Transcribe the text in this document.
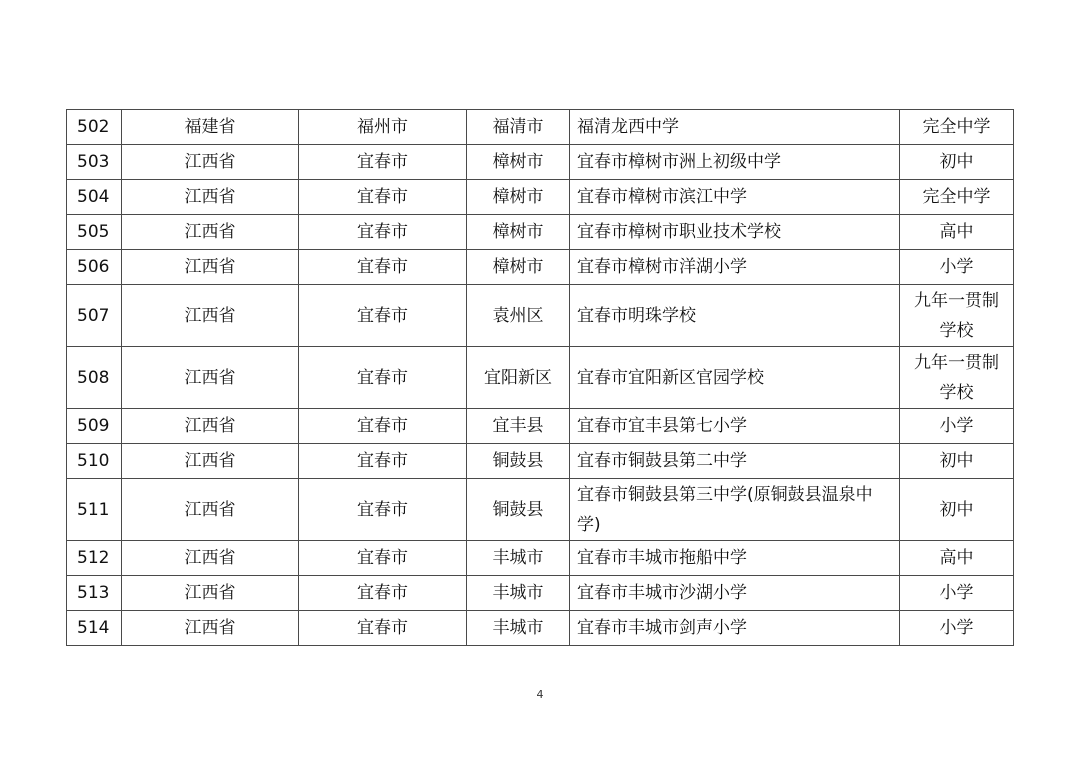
502	福建省	福州市	福清市	福清龙西中学	完全中学
503	江西省	宜春市	樟树市	宜春市樟树市洲上初级中学	初中
504	江西省	宜春市	樟树市	宜春市樟树市滨江中学	完全中学
505	江西省	宜春市	樟树市	宜春市樟树市职业技术学校	高中
506	江西省	宜春市	樟树市	宜春市樟树市洋湖小学	小学
507	江西省	宜春市	袁州区	宜春市明珠学校	九年一贯制学校
508	江西省	宜春市	宜阳新区	宜春市宜阳新区官园学校	九年一贯制学校
509	江西省	宜春市	宜丰县	宜春市宜丰县第七小学	小学
510	江西省	宜春市	铜鼓县	宜春市铜鼓县第二中学	初中
511	江西省	宜春市	铜鼓县	宜春市铜鼓县第三中学(原铜鼓县温泉中学)	初中
512	江西省	宜春市	丰城市	宜春市丰城市拖船中学	高中
513	江西省	宜春市	丰城市	宜春市丰城市沙湖小学	小学
514	江西省	宜春市	丰城市	宜春市丰城市剑声小学	小学
4
